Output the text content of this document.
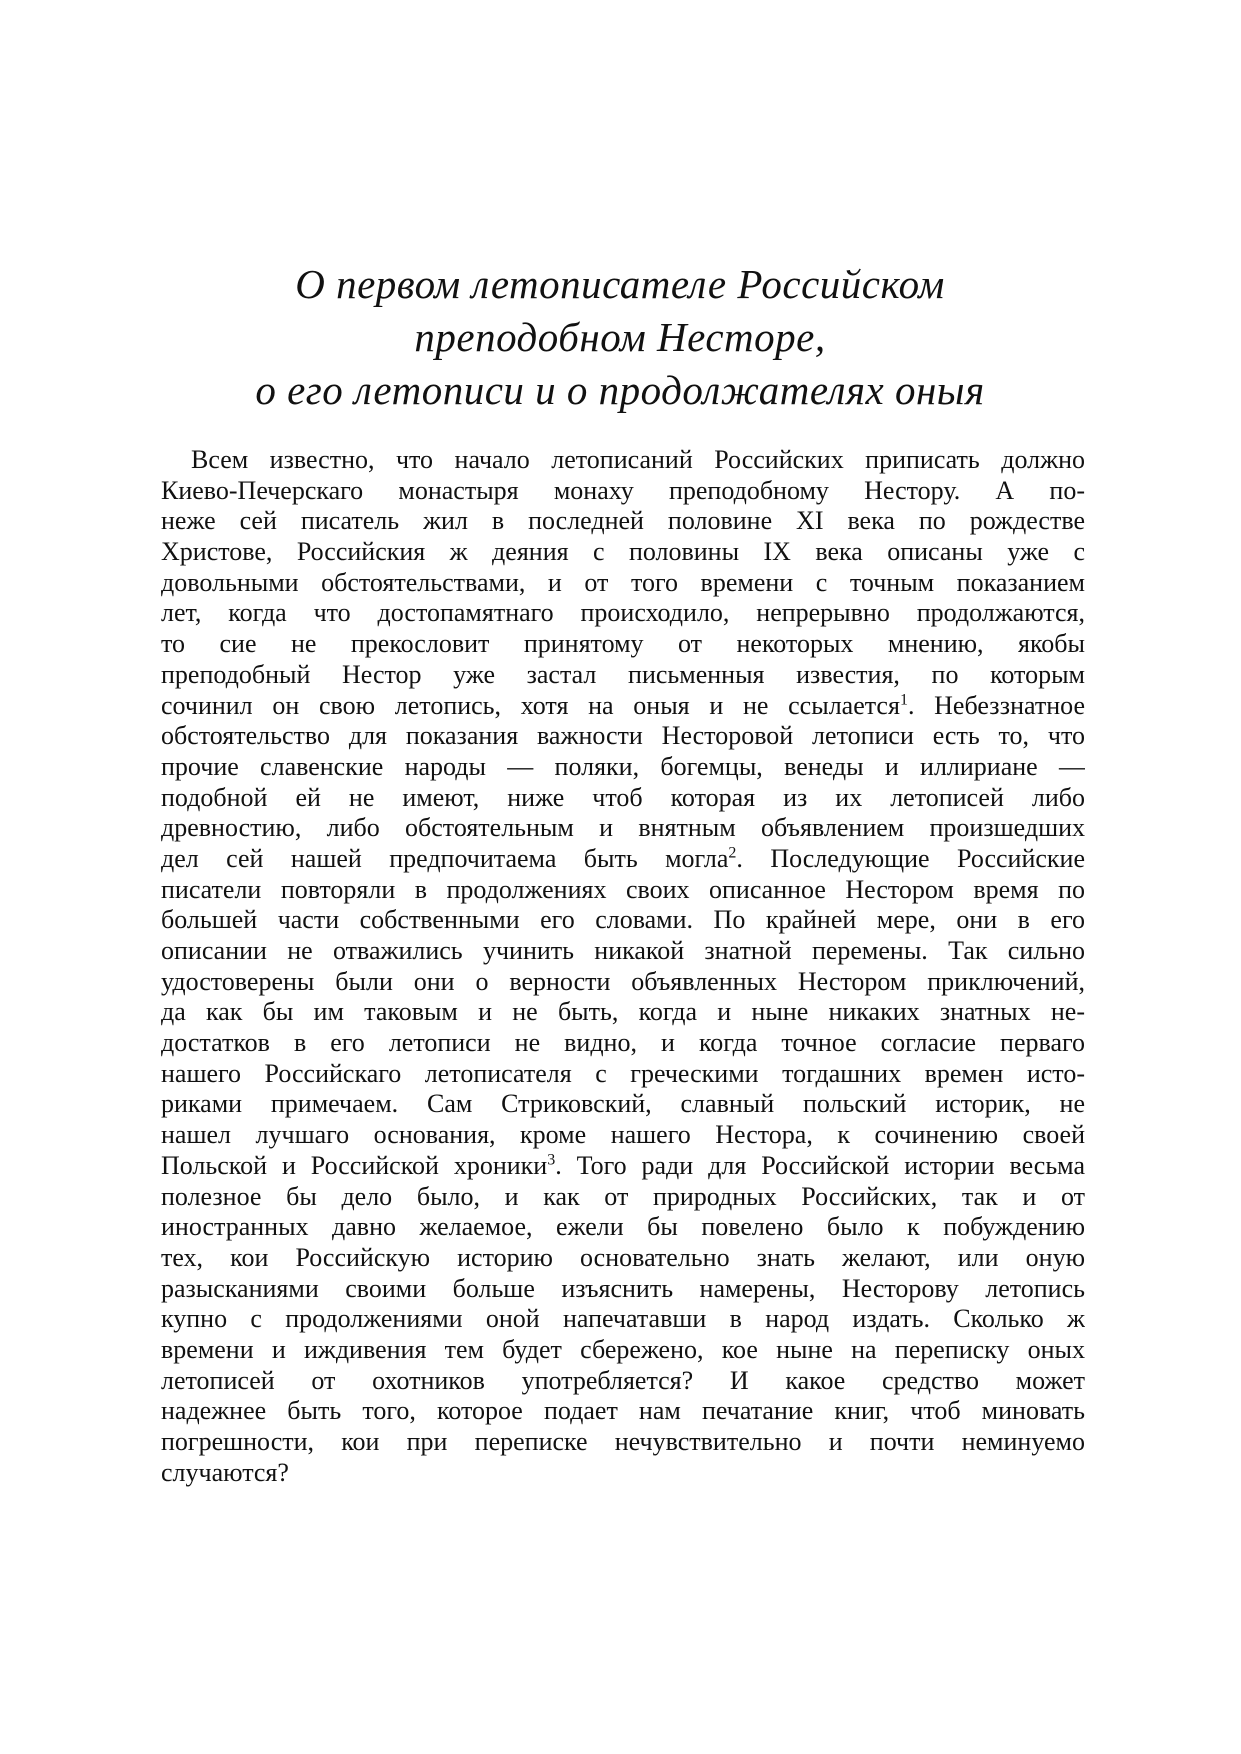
О первом летописателе Российском
преподобном Несторе,
о его летописи и о продолжателях оныя
Всем известно, что начало летописаний Российских приписать должно
Киево-Печерскаго монастыря монаху преподобному Нестору. А по-
неже сей писатель жил в последней половине XI века по рождестве
Христове, Российския ж деяния с половины IX века описаны уже с
довольными обстоятельствами, и от того времени с точным показанием
лет, когда что достопамятнаго происходило, непрерывно продолжаются,
то сие не прекословит принятому от некоторых мнению, якобы
преподобный Нестор уже застал письменныя известия, по которым
сочинил он свою летопись, хотя на оныя и не ссылается$^1$. Небеззнатное
обстоятельство для показания важности Несторовой летописи есть то, что
прочие славенские народы — поляки, богемцы, венеды и иллириане —
подобной ей не имеют, ниже чтоб которая из их летописей либо
древностию, либо обстоятельным и внятным объявлением произшедших
дел сей нашей предпочитаема быть могла$^2$. Последующие Российские
писатели повторяли в продолжениях своих описанное Нестором время по
большей части собственными его словами. По крайней мере, они в его
описании не отважились учинить никакой знатной перемены. Так сильно
удостоверены были они о верности объявленных Нестором приключений,
да как бы им таковым и не быть, когда и ныне никаких знатных не-
достатков в его летописи не видно, и когда точное согласие перваго
нашего Российскаго летописателя с греческими тогдашних времен исто-
риками примечаем. Сам Стриковский, славный польский историк, не
нашел лучшаго основания, кроме нашего Нестора, к сочинению своей
Польской и Российской хроники$^3$. Того ради для Российской истории весьма
полезное бы дело было, и как от природных Российских, так и от
иностранных давно желаемое, ежели бы повелено было к побуждению
тех, кои Российскую историю основательно знать желают, или оную
разысканиями своими больше изъяснить намерены, Несторову летопись
купно с продолжениями оной напечатавши в народ издать. Сколько ж
времени и иждивения тем будет сбережено, кое ныне на переписку оных
летописей от охотников употребляется? И какое средство может
надежнее быть того, которое подает нам печатание книг, чтоб миновать
погрешности, кои при переписке нечувствительно и почти неминуемо
случаются?
